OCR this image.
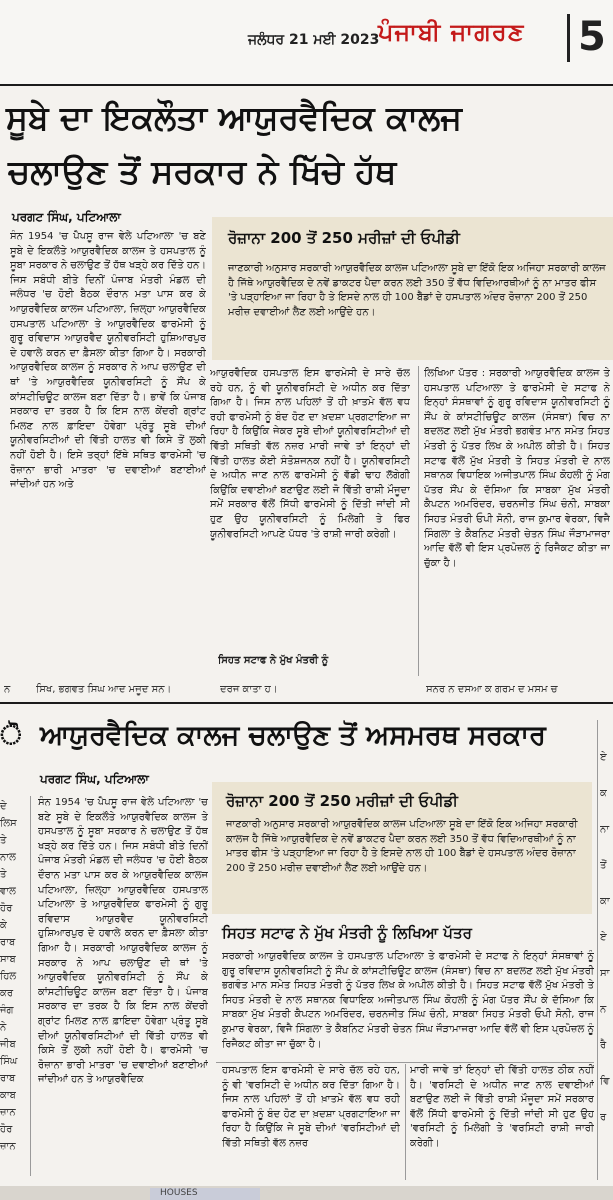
ਜਲੰਧਰ 21 ਮਈ 2023
ਪੰਜਾਬੀ ਜਾਗਰਣ 5
ਸੂਬੇ ਦਾ ਇਕਲੌਤਾ ਆਯੁਰਵੈਦਿਕ ਕਾਲਜ
ਚਲਾਉਣ ਤੋਂ ਸਰਕਾਰ ਨੇ ਖਿੱਚੇ ਹੱਥ
ਪਰਗਟ ਸਿੰਘ, ਪਟਿਆਲਾ
ਸੰਨ 1954 'ਚ ਪੈਪਸੂ ਰਾਜ ਵੇਲੇ ਪਟਿਆਲਾ 'ਚ ਬਣੇ ਸੂਬੇ ਦੇ ਇਕਲੌਤੇ ਆਯੁਰਵੈਦਿਕ ਕਾਲਜ ਤੇ ਹਸਪਤਾਲ ਨੂੰ ਸੂਬਾ ਸਰਕਾਰ ਨੇ ਚਲਾਉਣ ਤੋਂ ਹੱਥ ਖੜ੍ਹੇ ਕਰ ਦਿੱਤੇ ਹਨ। ਜਿਸ ਸਬੰਧੀ ਬੀਤੇ ਦਿਨੀਂ ਪੰਜਾਬ ਮੰਤਰੀ ਮੰਡਲ ਦੀ ਜਲੰਧਰ 'ਚ ਹੋਈ ਬੈਠਕ ਦੌਰਾਨ ਮਤਾ ਪਾਸ ਕਰ ਕੇ ਆਯੁਰਵੈਦਿਕ ਕਾਲਜ ਪਟਿਆਲਾ, ਜ਼ਿਲ੍ਹਾ ਆਯੁਰਵੈਦਿਕ ਹਸਪਤਾਲ ਪਟਿਆਲਾ ਤੇ ਆਯੁਰਵੈਦਿਕ ਫਾਰਮੇਸੀ ਨੂੰ ਗੁਰੂ ਰਵਿਦਾਸ ਆਯੁਰਵੈਦ ਯੂਨੀਵਰਸਿਟੀ ਹੁਸ਼ਿਆਰਪੁਰ ਦੇ ਹਵਾਲੇ ਕਰਨ ਦਾ ਫ਼ੈਸਲਾ ਕੀਤਾ ਗਿਆ ਹੈ। ਸਰਕਾਰੀ ਆਯੁਰਵੈਦਿਕ ਕਾਲਜ ਨੂੰ ਸਰਕਾਰ ਨੇ ਆਪ ਚਲਾਉਣ ਦੀ ਥਾਂ 'ਤੇ ਆਯੁਰਵੈਦਿਕ ਯੂਨੀਵਰਸਿਟੀ ਨੂੰ ਸੌਂਪ ਕੇ ਕਾਂਸਟੀਚਿਊਟ ਕਾਲਜ ਬਣਾ ਦਿੱਤਾ ਹੈ। ਭਾਵੇਂ ਕਿ ਪੰਜਾਬ ਸਰਕਾਰ ਦਾ ਤਰਕ ਹੈ ਕਿ ਇਸ ਨਾਲ ਕੇਂਦਰੀ ਗ੍ਰਾਂਟ ਮਿਲਣ ਨਾਲ ਫ਼ਾਇਦਾ ਹੋਵੇਗਾ ਪ੍ਰੰਤੂ ਸੂਬੇ ਦੀਆਂ ਯੂਨੀਵਰਸਿਟੀਆਂ ਦੀ ਵਿੱਤੀ ਹਾਲਤ ਵੀ ਕਿਸੇ ਤੋਂ ਲੁਕੀ ਨਹੀਂ ਹੋਈ ਹੈ। ਇਸੇ ਤਰ੍ਹਾਂ ਇੱਥੇ ਸਥਿਤ ਫਾਰਮੇਸੀ 'ਚ ਰੋਜ਼ਾਨਾ ਭਾਰੀ ਮਾਤਰਾ 'ਚ ਦਵਾਈਆਂ ਬਣਾਈਆਂ ਜਾਂਦੀਆਂ ਹਨ ਅਤੇ
ਰੋਜ਼ਾਨਾ 200 ਤੋਂ 250 ਮਰੀਜ਼ਾਂ ਦੀ ਓਪੀਡੀ
ਜਾਣਕਾਰੀ ਅਨੁਸਾਰ ਸਰਕਾਰੀ ਆਯੁਰਵੈਦਿਕ ਕਾਲਜ ਪਟਿਆਲਾ ਸੂਬੇ ਦਾ ਇੱਕੋ ਇਕ ਅਜਿਹਾ ਸਰਕਾਰੀ ਕਾਲਜ ਹੈ ਜਿੱਥੇ ਆਯੁਰਵੈਦਿਕ ਦੇ ਨਵੇਂ ਡਾਕਟਰ ਪੈਦਾ ਕਰਨ ਲਈ 350 ਤੋਂ ਵੱਧ ਵਿਦਿਆਰਥੀਆਂ ਨੂੰ ਨਾ ਮਾਤਰ ਫੀਸ 'ਤੇ ਪੜ੍ਹਾਇਆ ਜਾ ਰਿਹਾ ਹੈ ਤੇ ਇਸਦੇ ਨਾਲ ਹੀ 100 ਬੈੱਡਾਂ ਦੇ ਹਸਪਤਾਲ ਅੰਦਰ ਰੋਜ਼ਾਨਾ 200 ਤੋਂ 250 ਮਰੀਜ਼ ਦਵਾਈਆਂ ਲੈਣ ਲਈ ਆਉਂਦੇ ਹਨ।
ਆਯੁਰਵੈਦਿਕ ਹਸਪਤਾਲ ਇਸ ਫਾਰਮੇਸੀ ਦੇ ਸਾਰੇ ਚੱਲ ਰਹੇ ਹਨ, ਨੂੰ ਵੀ ਯੂਨੀਵਰਸਿਟੀ ਦੇ ਅਧੀਨ ਕਰ ਦਿੱਤਾ ਗਿਆ ਹੈ। ਜਿਸ ਨਾਲ ਪਹਿਲਾਂ ਤੋਂ ਹੀ ਖ਼ਾਤਮੇ ਵੱਲ ਵਧ ਰਹੀ ਫਾਰਮੇਸੀ ਨੂੰ ਬੰਦ ਹੋਣ ਦਾ ਖ਼ਦਸ਼ਾ ਪ੍ਰਗਟਾਇਆ ਜਾ ਰਿਹਾ ਹੈ ਕਿਉਂਕਿ ਜੇਕਰ ਸੂਬੇ ਦੀਆਂ ਯੂਨੀਵਰਸਿਟੀਆਂ ਦੀ ਵਿੱਤੀ ਸਥਿਤੀ ਵੱਲ ਨਜ਼ਰ ਮਾਰੀ ਜਾਵੇ ਤਾਂ ਇਨ੍ਹਾਂ ਦੀ ਵਿੱਤੀ ਹਾਲਤ ਕੋਈ ਸੰਤੋਸ਼ਜਨਕ ਨਹੀਂ ਹੈ। ਯੂਨੀਵਰਸਿਟੀ ਦੇ ਅਧੀਨ ਜਾਣ ਨਾਲ ਫਾਰਮੇਸੀ ਨੂੰ ਵੱਡੀ ਢਾਹ ਲੱਗੇਗੀ ਕਿਉਂਕਿ ਦਵਾਈਆਂ ਬਣਾਉਣ ਲਈ ਜੋ ਵਿੱਤੀ ਰਾਸ਼ੀ ਮੌਜੂਦਾ ਸਮੇਂ ਸਰਕਾਰ ਵੱਲੋਂ ਸਿੱਧੀ ਫਾਰਮੇਸੀ ਨੂੰ ਦਿੱਤੀ ਜਾਂਦੀ ਸੀ ਹੁਣ ਉਹ ਯੂਨੀਵਰਸਿਟੀ ਨੂੰ ਮਿਲੇਗੀ ਤੇ ਫਿਰ ਯੂਨੀਵਰਸਿਟੀ ਆਪਣੇ ਪੱਧਰ 'ਤੇ ਰਾਸ਼ੀ ਜਾਰੀ ਕਰੇਗੀ।
ਸਿਹਤ ਸਟਾਫ ਨੇ ਮੁੱਖ ਮੰਤਰੀ ਨੂੰ
ਲਿਖਿਆ ਪੱਤਰ : ਸਰਕਾਰੀ ਆਯੁਰਵੈਦਿਕ ਕਾਲਜ ਤੇ ਹਸਪਤਾਲ ਪਟਿਆਲਾ ਤੇ ਫਾਰਮੇਸੀ ਦੇ ਸਟਾਫ ਨੇ ਇਨ੍ਹਾਂ ਸੰਸਥਾਵਾਂ ਨੂੰ ਗੁਰੂ ਰਵਿਦਾਸ ਯੂਨੀਵਰਸਿਟੀ ਨੂੰ ਸੌਂਪ ਕੇ ਕਾਂਸਟੀਚਿਊਟ ਕਾਲਜ (ਸੰਸਥਾ) ਵਿਚ ਨਾ ਬਦਲਣ ਲਈ ਮੁੱਖ ਮੰਤਰੀ ਭਗਵੰਤ ਮਾਨ ਸਮੇਤ ਸਿਹਤ ਮੰਤਰੀ ਨੂੰ ਪੱਤਰ ਲਿਖ ਕੇ ਅਪੀਲ ਕੀਤੀ ਹੈ। ਸਿਹਤ ਸਟਾਫ ਵੱਲੋਂ ਮੁੱਖ ਮੰਤਰੀ ਤੇ ਸਿਹਤ ਮੰਤਰੀ ਦੇ ਨਾਲ ਸਥਾਨਕ ਵਿਧਾਇਕ ਅਜੀਤਪਾਲ ਸਿੰਘ ਕੋਹਲੀ ਨੂੰ ਮੰਗ ਪੱਤਰ ਸੌਂਪ ਕੇ ਦੱਸਿਆ ਕਿ ਸਾਬਕਾ ਮੁੱਖ ਮੰਤਰੀ ਕੈਪਟਨ ਅਮਰਿੰਦਰ, ਚਰਨਜੀਤ ਸਿੰਘ ਚੰਨੀ, ਸਾਬਕਾ ਸਿਹਤ ਮੰਤਰੀ ਓਪੀ ਸੋਨੀ, ਰਾਜ ਕੁਮਾਰ ਵੇਰਕਾ, ਵਿਜੈ ਸਿੰਗਲਾ ਤੇ ਕੈਬਨਿਟ ਮੰਤਰੀ ਚੇਤਨ ਸਿੰਘ ਜੌੜਾਮਾਜਰਾ ਆਦਿ ਵੱਲੋਂ ਵੀ ਇਸ ਪ੍ਰਪੋਜ਼ਲ ਨੂੰ ਰਿਜੈਕਟ ਕੀਤਾ ਜਾ ਚੁੱਕਾ ਹੈ।
ਨ	ਸਿਖ, ਭਗਵਤ ਸਿਘ ਆਦ ਮਜੂਦ ਸਨ।	ਦਰਜ ਕਾਤਾ ਹ।	ਸਨਰ ਨ ਦਸਆ ਕ ਗਰਮ ਦ ਮਸਮ ਚ
ਆਯੁਰਵੈਦਿਕ ਕਾਲਜ ਚਲਾਉਣ ਤੋਂ ਅਸਮਰਥ ਸਰਕਾਰ
ੋ
ਪਰਗਟ ਸਿੰਘ, ਪਟਿਆਲਾ
ਦੇ
ਲਿਸ
ਤੇ
ਨਾਲ
ਤੇ
ਵਾਲ
ਹੋਰ
ਕੇ
ਰਾਬ
ਸਾਬ
ਹਿਲ
ਕਰ
ਜੰਗ
ਨੇ
ਜੀਬ
ਸਿੰਘ
ਰਾਬ
ਕਾਬ
ਜ਼ਾਨ
ਹੋਰ
ਜ਼ਾਨ
ਸੰਨ 1954 'ਚ ਪੈਪਸੂ ਰਾਜ ਵੇਲੇ ਪਟਿਆਲਾ 'ਚ ਬਣੇ ਸੂਬੇ ਦੇ ਇਕਲੌਤੇ ਆਯੁਰਵੈਦਿਕ ਕਾਲਜ ਤੇ ਹਸਪਤਾਲ ਨੂੰ ਸੂਬਾ ਸਰਕਾਰ ਨੇ ਚਲਾਉਣ ਤੋਂ ਹੱਥ ਖੜ੍ਹੇ ਕਰ ਦਿੱਤੇ ਹਨ। ਜਿਸ ਸਬੰਧੀ ਬੀਤੇ ਦਿਨੀਂ ਪੰਜਾਬ ਮੰਤਰੀ ਮੰਡਲ ਦੀ ਜਲੰਧਰ 'ਚ ਹੋਈ ਬੈਠਕ ਦੌਰਾਨ ਮਤਾ ਪਾਸ ਕਰ ਕੇ ਆਯੁਰਵੈਦਿਕ ਕਾਲਜ ਪਟਿਆਲਾ, ਜ਼ਿਲ੍ਹਾ ਆਯੁਰਵੈਦਿਕ ਹਸਪਤਾਲ ਪਟਿਆਲਾ ਤੇ ਆਯੁਰਵੈਦਿਕ ਫਾਰਮੇਸੀ ਨੂੰ ਗੁਰੂ ਰਵਿਦਾਸ ਆਯੁਰਵੈਦ ਯੂਨੀਵਰਸਿਟੀ ਹੁਸ਼ਿਆਰਪੁਰ ਦੇ ਹਵਾਲੇ ਕਰਨ ਦਾ ਫ਼ੈਸਲਾ ਕੀਤਾ ਗਿਆ ਹੈ। ਸਰਕਾਰੀ ਆਯੁਰਵੈਦਿਕ ਕਾਲਜ ਨੂੰ ਸਰਕਾਰ ਨੇ ਆਪ ਚਲਾਉਣ ਦੀ ਥਾਂ 'ਤੇ ਆਯੁਰਵੈਦਿਕ ਯੂਨੀਵਰਸਿਟੀ ਨੂੰ ਸੌਂਪ ਕੇ ਕਾਂਸਟੀਚਿਊਟ ਕਾਲਜ ਬਣਾ ਦਿੱਤਾ ਹੈ। ਪੰਜਾਬ ਸਰਕਾਰ ਦਾ ਤਰਕ ਹੈ ਕਿ ਇਸ ਨਾਲ ਕੇਂਦਰੀ ਗ੍ਰਾਂਟ ਮਿਲਣ ਨਾਲ ਫ਼ਾਇਦਾ ਹੋਵੇਗਾ ਪ੍ਰੰਤੂ ਸੂਬੇ ਦੀਆਂ ਯੂਨੀਵਰਸਿਟੀਆਂ ਦੀ ਵਿੱਤੀ ਹਾਲਤ ਵੀ ਕਿਸੇ ਤੋਂ ਲੁਕੀ ਨਹੀਂ ਹੋਈ ਹੈ। ਫਾਰਮੇਸੀ 'ਚ ਰੋਜ਼ਾਨਾ ਭਾਰੀ ਮਾਤਰਾ 'ਚ ਦਵਾਈਆਂ ਬਣਾਈਆਂ ਜਾਂਦੀਆਂ ਹਨ ਤੇ ਆਯੁਰਵੈਦਿਕ
ਰੋਜ਼ਾਨਾ 200 ਤੋਂ 250 ਮਰੀਜ਼ਾਂ ਦੀ ਓਪੀਡੀ
ਜਾਣਕਾਰੀ ਅਨੁਸਾਰ ਸਰਕਾਰੀ ਆਯੁਰਵੈਦਿਕ ਕਾਲਜ ਪਟਿਆਲਾ ਸੂਬੇ ਦਾ ਇੱਕੋ ਇਕ ਅਜਿਹਾ ਸਰਕਾਰੀ ਕਾਲਜ ਹੈ ਜਿੱਥੇ ਆਯੁਰਵੈਦਿਕ ਦੇ ਨਵੇਂ ਡਾਕਟਰ ਪੈਦਾ ਕਰਨ ਲਈ 350 ਤੋਂ ਵੱਧ ਵਿਦਿਆਰਥੀਆਂ ਨੂੰ ਨਾ ਮਾਤਰ ਫੀਸ 'ਤੇ ਪੜ੍ਹਾਇਆ ਜਾ ਰਿਹਾ ਹੈ ਤੇ ਇਸਦੇ ਨਾਲ ਹੀ 100 ਬੈੱਡਾਂ ਦੇ ਹਸਪਤਾਲ ਅੰਦਰ ਰੋਜ਼ਾਨਾ 200 ਤੋਂ 250 ਮਰੀਜ਼ ਦਵਾਈਆਂ ਲੈਣ ਲਈ ਆਉਂਦੇ ਹਨ।
ਸਿਹਤ ਸਟਾਫ ਨੇ ਮੁੱਖ ਮੰਤਰੀ ਨੂੰ ਲਿਖਿਆ ਪੱਤਰ
ਸਰਕਾਰੀ ਆਯੁਰਵੈਦਿਕ ਕਾਲਜ ਤੇ ਹਸਪਤਾਲ ਪਟਿਆਲਾ ਤੇ ਫਾਰਮੇਸੀ ਦੇ ਸਟਾਫ ਨੇ ਇਨ੍ਹਾਂ ਸੰਸਥਾਵਾਂ ਨੂੰ ਗੁਰੂ ਰਵਿਦਾਸ ਯੂਨੀਵਰਸਿਟੀ ਨੂੰ ਸੌਂਪ ਕੇ ਕਾਂਸਟੀਚਿਊਟ ਕਾਲਜ (ਸੰਸਥਾ) ਵਿਚ ਨਾ ਬਦਲਣ ਲਈ ਮੁੱਖ ਮੰਤਰੀ ਭਗਵੰਤ ਮਾਨ ਸਮੇਤ ਸਿਹਤ ਮੰਤਰੀ ਨੂੰ ਪੱਤਰ ਲਿਖ ਕੇ ਅਪੀਲ ਕੀਤੀ ਹੈ। ਸਿਹਤ ਸਟਾਫ ਵੱਲੋਂ ਮੁੱਖ ਮੰਤਰੀ ਤੇ ਸਿਹਤ ਮੰਤਰੀ ਦੇ ਨਾਲ ਸਥਾਨਕ ਵਿਧਾਇਕ ਅਜੀਤਪਾਲ ਸਿੰਘ ਕੋਹਲੀ ਨੂੰ ਮੰਗ ਪੱਤਰ ਸੌਂਪ ਕੇ ਦੱਸਿਆ ਕਿ ਸਾਬਕਾ ਮੁੱਖ ਮੰਤਰੀ ਕੈਪਟਨ ਅਮਰਿੰਦਰ, ਚਰਨਜੀਤ ਸਿੰਘ ਚੰਨੀ, ਸਾਬਕਾ ਸਿਹਤ ਮੰਤਰੀ ਓਪੀ ਸੋਨੀ, ਰਾਜ ਕੁਮਾਰ ਵੇਰਕਾ, ਵਿਜੈ ਸਿੰਗਲਾ ਤੇ ਕੈਬਨਿਟ ਮੰਤਰੀ ਚੇਤਨ ਸਿੰਘ ਜੌੜਾਮਾਜਰਾ ਆਦਿ ਵੱਲੋਂ ਵੀ ਇਸ ਪ੍ਰਪੋਜ਼ਲ ਨੂੰ ਰਿਜੈਕਟ ਕੀਤਾ ਜਾ ਚੁੱਕਾ ਹੈ।
ਹਸਪਤਾਲ ਇਸ ਫਾਰਮੇਸੀ ਦੇ ਸਾਰੇ ਚੱਲ ਰਹੇ ਹਨ, ਨੂੰ ਵੀ 'ਵਰਸਿਟੀ ਦੇ ਅਧੀਨ ਕਰ ਦਿੱਤਾ ਗਿਆ ਹੈ। ਜਿਸ ਨਾਲ ਪਹਿਲਾਂ ਤੋਂ ਹੀ ਖ਼ਾਤਮੇ ਵੱਲ ਵਧ ਰਹੀ ਫਾਰਮੇਸੀ ਨੂੰ ਬੰਦ ਹੋਣ ਦਾ ਖ਼ਦਸ਼ਾ ਪ੍ਰਗਟਾਇਆ ਜਾ ਰਿਹਾ ਹੈ ਕਿਉਂਕਿ ਜੇ ਸੂਬੇ ਦੀਆਂ 'ਵਰਸਿਟੀਆਂ ਦੀ ਵਿੱਤੀ ਸਥਿਤੀ ਵੱਲ ਨਜ਼ਰ
ਮਾਰੀ ਜਾਵੇ ਤਾਂ ਇਨ੍ਹਾਂ ਦੀ ਵਿੱਤੀ ਹਾਲਤ ਠੀਕ ਨਹੀਂ ਹੈ। 'ਵਰਸਿਟੀ ਦੇ ਅਧੀਨ ਜਾਣ ਨਾਲ ਦਵਾਈਆਂ ਬਣਾਉਣ ਲਈ ਜੋ ਵਿੱਤੀ ਰਾਸ਼ੀ ਮੌਜੂਦਾ ਸਮੇਂ ਸਰਕਾਰ ਵੱਲੋਂ ਸਿੱਧੀ ਫਾਰਮੇਸੀ ਨੂੰ ਦਿੱਤੀ ਜਾਂਦੀ ਸੀ ਹੁਣ ਉਹ 'ਵਰਸਿਟੀ ਨੂੰ ਮਿਲੇਗੀ ਤੇ 'ਵਰਸਿਟੀ ਰਾਸ਼ੀ ਜਾਰੀ ਕਰੇਗੀ।
ਏ
ਕ
ਨਾ
ਤੋਂ
ਕਾ
ਏ
ਸਾ
ਨ
ਰੈ
ਵਿ
ਰ
HOUSES
